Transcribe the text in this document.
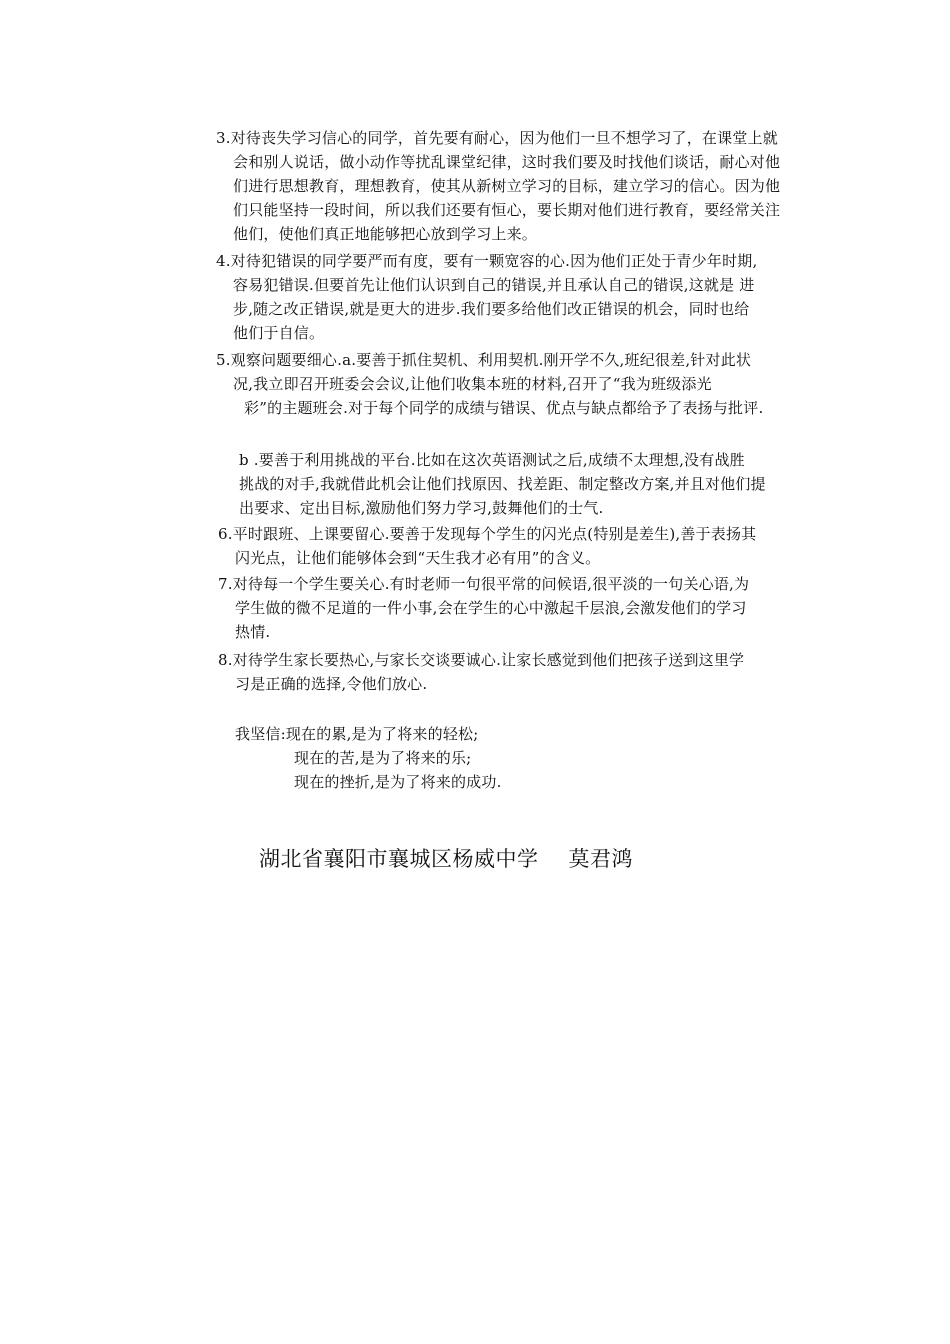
3.对待丧失学习信心的同学，首先要有耐心，因为他们一旦不想学习了，在课堂上就
会和别人说话，做小动作等扰乱课堂纪律，这时我们要及时找他们谈话，耐心对他
们进行思想教育，理想教育，使其从新树立学习的目标，建立学习的信心。因为他
们只能坚持一段时间，所以我们还要有恒心，要长期对他们进行教育，要经常关注
他们，使他们真正地能够把心放到学习上来。
4.对待犯错误的同学要严而有度，要有一颗宽容的心.因为他们正处于青少年时期,
容易犯错误.但要首先让他们认识到自己的错误,并且承认自己的错误,这就是 进
步,随之改正错误,就是更大的进步.我们要多给他们改正错误的机会，同时也给
他们于自信。
5.观察问题要细心.a.要善于抓住契机、利用契机.刚开学不久,班纪很差,针对此状
况,我立即召开班委会会议,让他们收集本班的材料,召开了“我为班级添光
彩”的主题班会.对于每个同学的成绩与错误、优点与缺点都给予了表扬与批评.
b .要善于利用挑战的平台.比如在这次英语测试之后,成绩不太理想,没有战胜
挑战的对手,我就借此机会让他们找原因、找差距、制定整改方案,并且对他们提
出要求、定出目标,激励他们努力学习,鼓舞他们的士气.
6.平时跟班、上课要留心.要善于发现每个学生的闪光点(特别是差生),善于表扬其
闪光点，让他们能够体会到“天生我才必有用”的含义。
7.对待每一个学生要关心.有时老师一句很平常的问候语,很平淡的一句关心语,为
学生做的微不足道的一件小事,会在学生的心中激起千层浪,会激发他们的学习
热情.
8.对待学生家长要热心,与家长交谈要诚心.让家长感觉到他们把孩子送到这里学
习是正确的选择,令他们放心.
我坚信:现在的累,是为了将来的轻松;
现在的苦,是为了将来的乐;
现在的挫折,是为了将来的成功.
湖北省襄阳市襄城区杨威中学 莫君鸿
